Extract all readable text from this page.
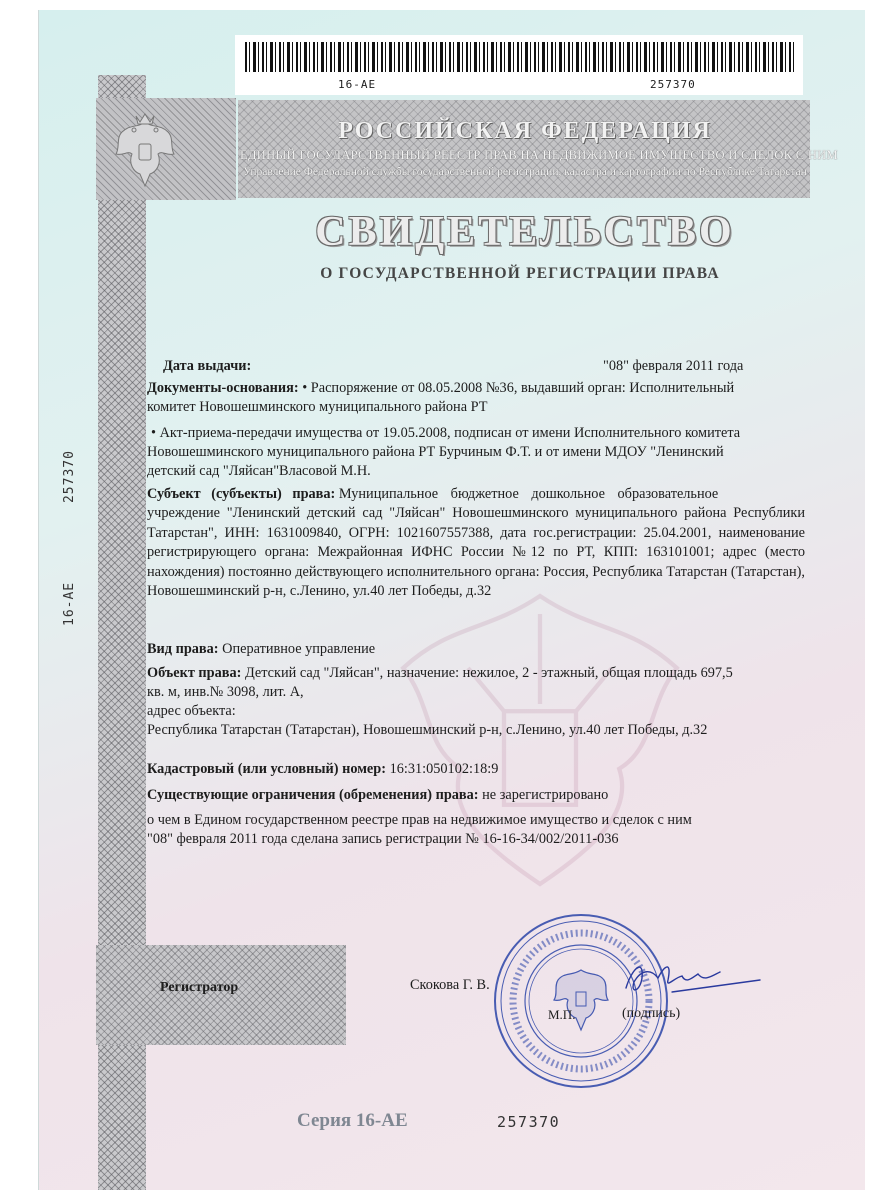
16-АЕ	257370
16-АЕ 257370
РОССИЙСКАЯ ФЕДЕРАЦИЯ
ЕДИНЫЙ ГОСУДАРСТВЕННЫЙ РЕЕСТР ПРАВ НА НЕДВИЖИМОЕ ИМУЩЕСТВО И СДЕЛОК С НИМ
Управление Федеральной службы государственной регистрации, кадастра и картографии по Республике Татарстан
СВИДЕТЕЛЬСТВО
О ГОСУДАРСТВЕННОЙ РЕГИСТРАЦИИ ПРАВА
Дата выдачи:	"08" февраля 2011 года
Документы-основания: • Распоряжение от 08.05.2008 №36, выдавший орган: Исполнительный
комитет Новошешминского муниципального района РТ
• Акт-приема-передачи имущества от 19.05.2008, подписан от имени Исполнительного комитета
Новошешминского муниципального района РТ Бурчиным Ф.Т. и от имени МДОУ "Ленинский
детский сад "Ляйсан"Власовой М.Н.
Субъект (субъекты) права: Муниципальное бюджетное дошкольное образовательное
учреждение "Ленинский детский сад "Ляйсан" Новошешминского муниципального района Республики Татарстан", ИНН: 1631009840, ОГРН: 1021607557388, дата гос.регистрации: 25.04.2001, наименование регистрирующего органа: Межрайонная ИФНС России №12 по РТ, КПП: 163101001; адрес (место нахождения) постоянно действующего исполнительного органа: Россия, Республика Татарстан (Татарстан), Новошешминский р-н, с.Ленино, ул.40 лет Победы, д.32
Вид права: Оперативное управление
Объект права: Детский сад "Ляйсан", назначение: нежилое, 2 - этажный, общая площадь 697,5
кв. м, инв.№ 3098, лит. А,
адрес объекта:
Республика Татарстан (Татарстан), Новошешминский р-н, с.Ленино, ул.40 лет Победы, д.32
Кадастровый (или условный) номер: 16:31:050102:18:9
Существующие ограничения (обременения) права: не зарегистрировано
о чем в Едином государственном реестре прав на недвижимое имущество и сделок с ним
"08" февраля 2011 года сделана запись регистрации № 16-16-34/002/2011-036
Регистратор	Скокова Г. В.
М.П.	(подпись)
Серия 16-АЕ	257370
